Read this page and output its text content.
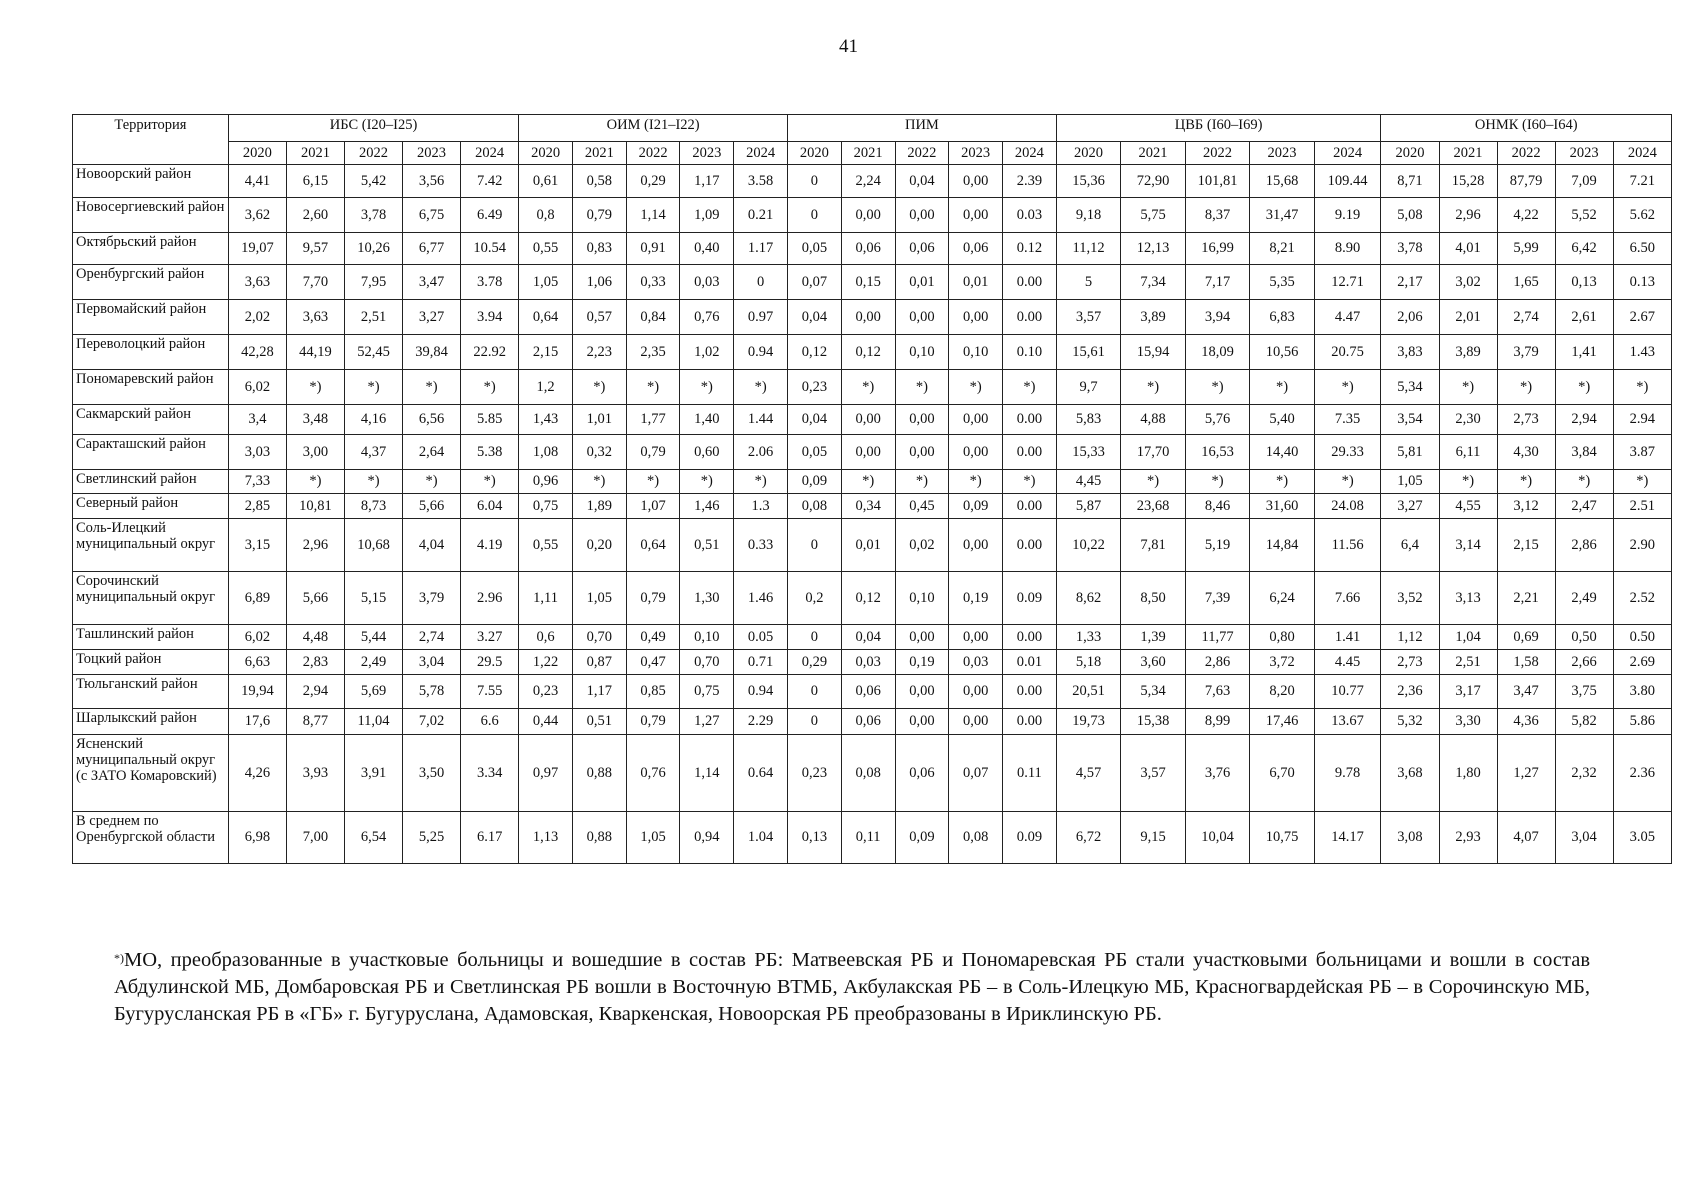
41
Территория	ИБС (I20–I25)					ОИМ (I21–I22)					ПИМ					ЦВБ (I60–I69)					ОНМК (I60–I64)				
	2020	2021	2022	2023	2024	2020	2021	2022	2023	2024	2020	2021	2022	2023	2024	2020	2021	2022	2023	2024	2020	2021	2022	2023	2024
Новоорский район	4,41	6,15	5,42	3,56	7.42	0,61	0,58	0,29	1,17	3.58	0	2,24	0,04	0,00	2.39	15,36	72,90	101,81	15,68	109.44	8,71	15,28	87,79	7,09	7.21
Новосергиевский район	3,62	2,60	3,78	6,75	6.49	0,8	0,79	1,14	1,09	0.21	0	0,00	0,00	0,00	0.03	9,18	5,75	8,37	31,47	9.19	5,08	2,96	4,22	5,52	5.62
Октябрьский район	19,07	9,57	10,26	6,77	10.54	0,55	0,83	0,91	0,40	1.17	0,05	0,06	0,06	0,06	0.12	11,12	12,13	16,99	8,21	8.90	3,78	4,01	5,99	6,42	6.50
Оренбургский район	3,63	7,70	7,95	3,47	3.78	1,05	1,06	0,33	0,03	0	0,07	0,15	0,01	0,01	0.00	5	7,34	7,17	5,35	12.71	2,17	3,02	1,65	0,13	0.13
Первомайский район	2,02	3,63	2,51	3,27	3.94	0,64	0,57	0,84	0,76	0.97	0,04	0,00	0,00	0,00	0.00	3,57	3,89	3,94	6,83	4.47	2,06	2,01	2,74	2,61	2.67
Переволоцкий район	42,28	44,19	52,45	39,84	22.92	2,15	2,23	2,35	1,02	0.94	0,12	0,12	0,10	0,10	0.10	15,61	15,94	18,09	10,56	20.75	3,83	3,89	3,79	1,41	1.43
Пономаревский район	6,02	*)	*)	*)	*)	1,2	*)	*)	*)	*)	0,23	*)	*)	*)	*)	9,7	*)	*)	*)	*)	5,34	*)	*)	*)	*)
Сакмарский район	3,4	3,48	4,16	6,56	5.85	1,43	1,01	1,77	1,40	1.44	0,04	0,00	0,00	0,00	0.00	5,83	4,88	5,76	5,40	7.35	3,54	2,30	2,73	2,94	2.94
Саракташский район	3,03	3,00	4,37	2,64	5.38	1,08	0,32	0,79	0,60	2.06	0,05	0,00	0,00	0,00	0.00	15,33	17,70	16,53	14,40	29.33	5,81	6,11	4,30	3,84	3.87
Светлинский район	7,33	*)	*)	*)	*)	0,96	*)	*)	*)	*)	0,09	*)	*)	*)	*)	4,45	*)	*)	*)	*)	1,05	*)	*)	*)	*)
Северный район	2,85	10,81	8,73	5,66	6.04	0,75	1,89	1,07	1,46	1.3	0,08	0,34	0,45	0,09	0.00	5,87	23,68	8,46	31,60	24.08	3,27	4,55	3,12	2,47	2.51
Соль-Илецкий муниципальный округ	3,15	2,96	10,68	4,04	4.19	0,55	0,20	0,64	0,51	0.33	0	0,01	0,02	0,00	0.00	10,22	7,81	5,19	14,84	11.56	6,4	3,14	2,15	2,86	2.90
Сорочинский муниципальный округ	6,89	5,66	5,15	3,79	2.96	1,11	1,05	0,79	1,30	1.46	0,2	0,12	0,10	0,19	0.09	8,62	8,50	7,39	6,24	7.66	3,52	3,13	2,21	2,49	2.52
Ташлинский район	6,02	4,48	5,44	2,74	3.27	0,6	0,70	0,49	0,10	0.05	0	0,04	0,00	0,00	0.00	1,33	1,39	11,77	0,80	1.41	1,12	1,04	0,69	0,50	0.50
Тоцкий район	6,63	2,83	2,49	3,04	29.5	1,22	0,87	0,47	0,70	0.71	0,29	0,03	0,19	0,03	0.01	5,18	3,60	2,86	3,72	4.45	2,73	2,51	1,58	2,66	2.69
Тюльганский район	19,94	2,94	5,69	5,78	7.55	0,23	1,17	0,85	0,75	0.94	0	0,06	0,00	0,00	0.00	20,51	5,34	7,63	8,20	10.77	2,36	3,17	3,47	3,75	3.80
Шарлыкский район	17,6	8,77	11,04	7,02	6.6	0,44	0,51	0,79	1,27	2.29	0	0,06	0,00	0,00	0.00	19,73	15,38	8,99	17,46	13.67	5,32	3,30	4,36	5,82	5.86
Ясненский муниципальный округ (с ЗАТО Комаровский)	4,26	3,93	3,91	3,50	3.34	0,97	0,88	0,76	1,14	0.64	0,23	0,08	0,06	0,07	0.11	4,57	3,57	3,76	6,70	9.78	3,68	1,80	1,27	2,32	2.36
В среднем по Оренбургской области	6,98	7,00	6,54	5,25	6.17	1,13	0,88	1,05	0,94	1.04	0,13	0,11	0,09	0,08	0.09	6,72	9,15	10,04	10,75	14.17	3,08	2,93	4,07	3,04	3.05
*)МО, преобразованные в участковые больницы и вошедшие в состав РБ: Матвеевская РБ и Пономаревская РБ стали участковыми больницами и вошли в состав Абдулинской МБ, Домбаровская РБ и Светлинская РБ вошли в Восточную ВТМБ, Акбулакская РБ – в Соль-Илецкую МБ, Красногвардейская РБ – в Сорочинскую МБ, Бугурусланская РБ в «ГБ» г. Бугуруслана, Адамовская, Кваркенская, Новоорская РБ преобразованы в Ириклинскую РБ.
